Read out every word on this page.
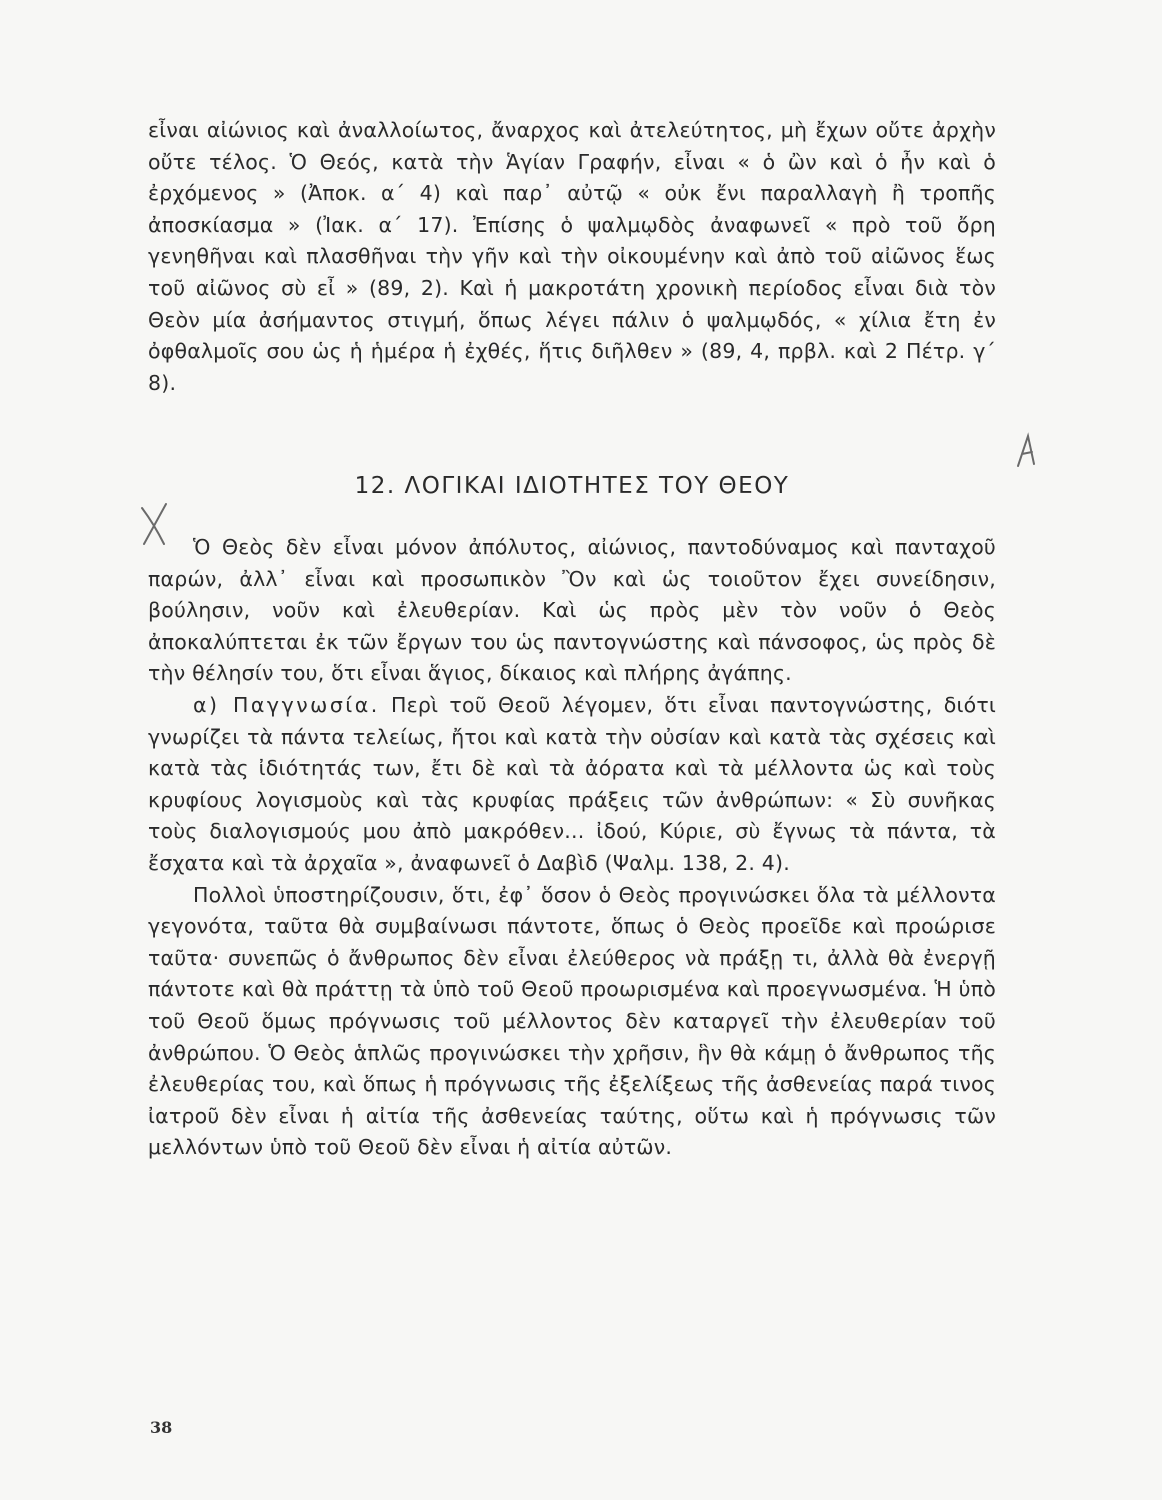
εἶναι αἰώνιος καὶ ἀναλλοίωτος, ἄναρχος καὶ ἀτελεύτητος, μὴ ἔχων οὔτε ἀρχὴν οὔτε τέλος. Ὁ Θεός, κατὰ τὴν Ἁγίαν Γραφήν, εἶναι « ὁ ὢν καὶ ὁ ἦν καὶ ὁ ἐρχόμενος » (Ἀποκ. α΄ 4) καὶ παρ᾽ αὐτῷ « οὐκ ἔνι παραλλαγὴ ἢ τροπῆς ἀποσκίασμα » (Ἰακ. α΄ 17). Ἐπίσης ὁ ψαλμῳδὸς ἀναφωνεῖ « πρὸ τοῦ ὄρη γενηθῆναι καὶ πλασθῆναι τὴν γῆν καὶ τὴν οἰκουμένην καὶ ἀπὸ τοῦ αἰῶνος ἕως τοῦ αἰῶνος σὺ εἶ » (89, 2). Καὶ ἡ μακροτάτη χρονικὴ περίοδος εἶναι διὰ τὸν Θεὸν μία ἀσήμαντος στιγμή, ὅπως λέγει πάλιν ὁ ψαλμῳδός, « χίλια ἔτη ἐν ὀφθαλμοῖς σου ὡς ἡ ἡμέρα ἡ ἐχθές, ἥτις διῆλθεν » (89, 4, πρβλ. καὶ 2 Πέτρ. γ΄ 8).
12. ΛΟΓΙΚΑΙ ΙΔΙΟΤΗΤΕΣ ΤΟΥ ΘΕΟΥ

Ὁ Θεὸς δὲν εἶναι μόνον ἀπόλυτος, αἰώνιος, παντοδύναμος καὶ πανταχοῦ παρών, ἀλλ᾽ εἶναι καὶ προσωπικὸν Ὂν καὶ ὡς τοιοῦτον ἔχει συνείδησιν, βούλησιν, νοῦν καὶ ἐλευθερίαν. Καὶ ὡς πρὸς μὲν τὸν νοῦν ὁ Θεὸς ἀποκαλύπτεται ἐκ τῶν ἔργων του ὡς παντογνώστης καὶ πάνσοφος, ὡς πρὸς δὲ τὴν θέλησίν του, ὅτι εἶναι ἅγιος, δίκαιος καὶ πλήρης ἀγάπης.

α) Παγγνωσία. Περὶ τοῦ Θεοῦ λέγομεν, ὅτι εἶναι παντογνώστης, διότι γνωρίζει τὰ πάντα τελείως, ἤτοι καὶ κατὰ τὴν οὐσίαν καὶ κατὰ τὰς σχέσεις καὶ κατὰ τὰς ἰδιότητάς των, ἔτι δὲ καὶ τὰ ἀόρατα καὶ τὰ μέλλοντα ὡς καὶ τοὺς κρυφίους λογισμοὺς καὶ τὰς κρυφίας πράξεις τῶν ἀνθρώπων: « Σὺ συνῆκας τοὺς διαλογισμούς μου ἀπὸ μακρόθεν... ἰδού, Κύριε, σὺ ἔγνως τὰ πάντα, τὰ ἔσχατα καὶ τὰ ἀρχαῖα », ἀναφωνεῖ ὁ Δαβὶδ (Ψαλμ. 138, 2. 4).

Πολλοὶ ὑποστηρίζουσιν, ὅτι, ἐφ᾽ ὅσον ὁ Θεὸς προγινώσκει ὅλα τὰ μέλλοντα γεγονότα, ταῦτα θὰ συμβαίνωσι πάντοτε, ὅπως ὁ Θεὸς προεῖδε καὶ προώρισε ταῦτα· συνεπῶς ὁ ἄνθρωπος δὲν εἶναι ἐλεύθερος νὰ πράξῃ τι, ἀλλὰ θὰ ἐνεργῇ πάντοτε καὶ θὰ πράττῃ τὰ ὑπὸ τοῦ Θεοῦ προωρισμένα καὶ προεγνωσμένα. Ἡ ὑπὸ τοῦ Θεοῦ ὅμως πρόγνωσις τοῦ μέλλοντος δὲν καταργεῖ τὴν ἐλευθερίαν τοῦ ἀνθρώπου. Ὁ Θεὸς ἁπλῶς προγινώσκει τὴν χρῆσιν, ἣν θὰ κάμῃ ὁ ἄνθρωπος τῆς ἐλευθερίας του, καὶ ὅπως ἡ πρόγνωσις τῆς ἐξελίξεως τῆς ἀσθενείας παρά τινος ἰατροῦ δὲν εἶναι ἡ αἰτία τῆς ἀσθενείας ταύτης, οὕτω καὶ ἡ πρόγνωσις τῶν μελλόντων ὑπὸ τοῦ Θεοῦ δὲν εἶναι ἡ αἰτία αὐτῶν.

38
